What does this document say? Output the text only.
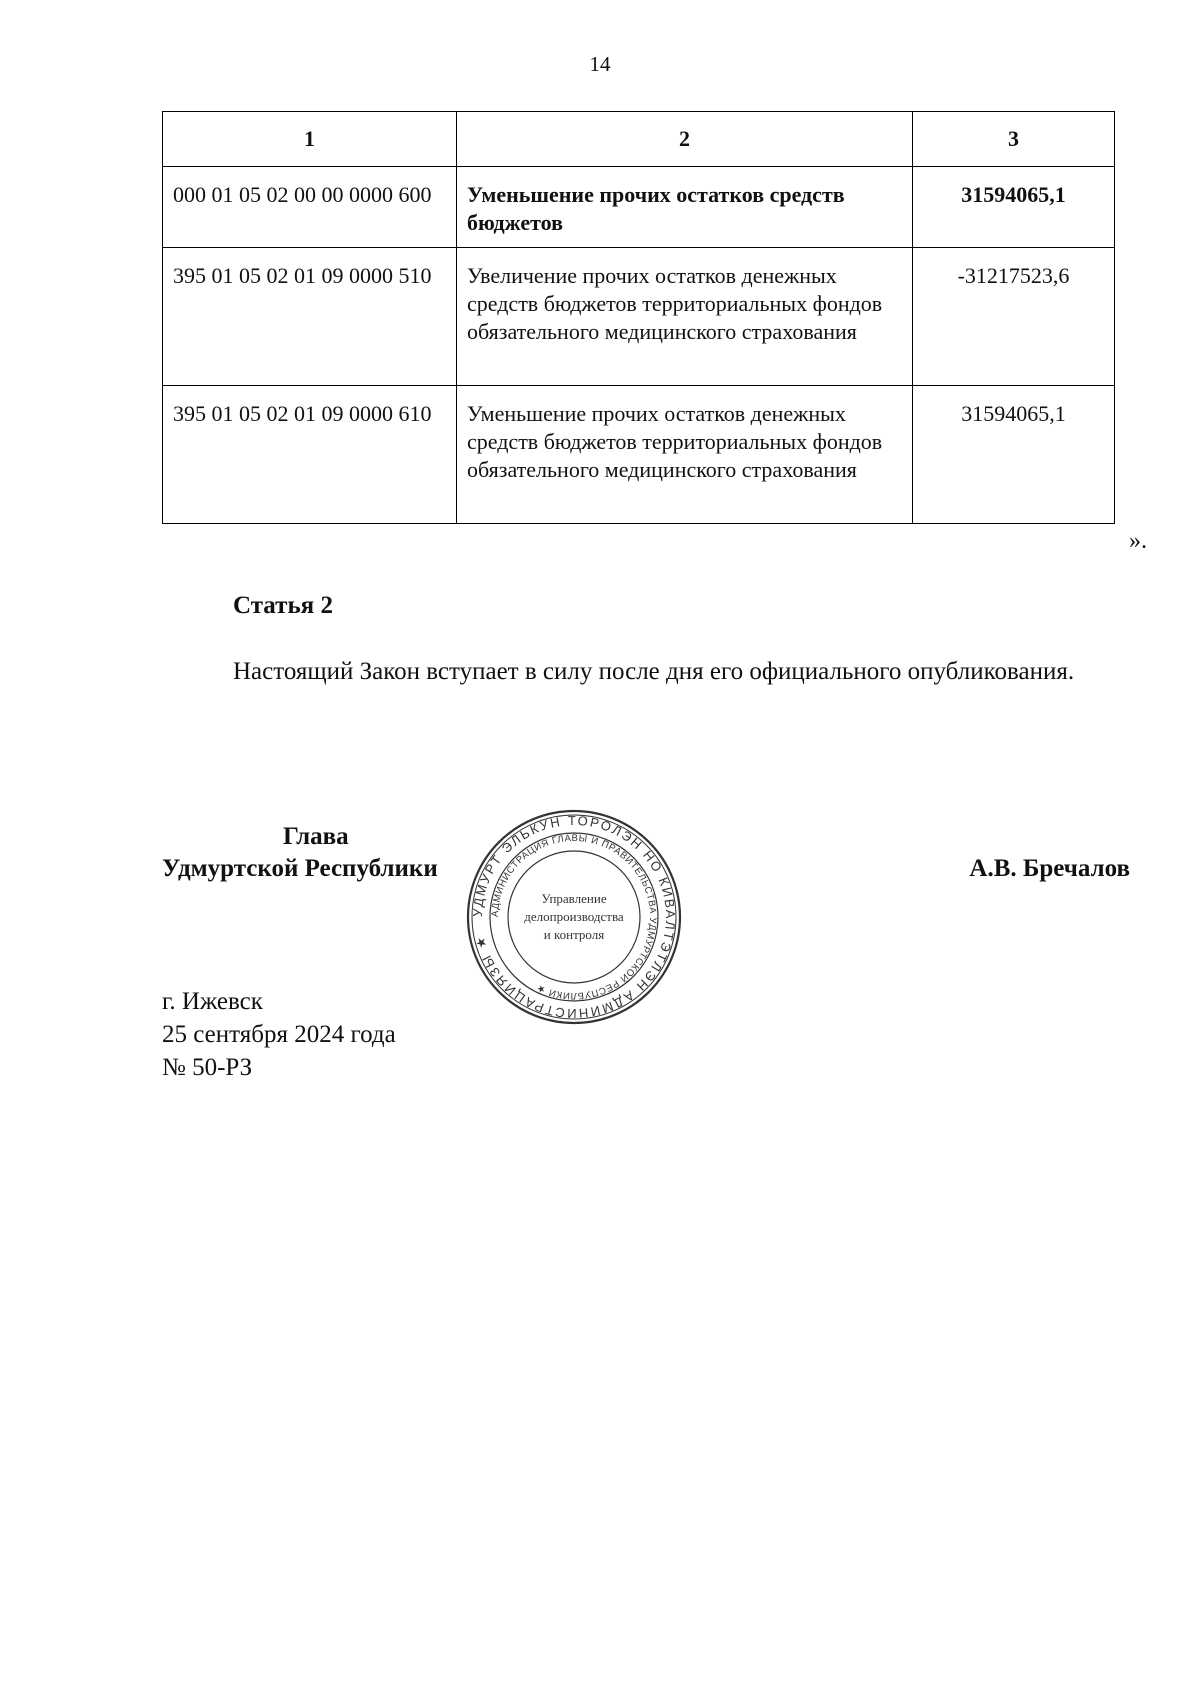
14
1	2	3
000 01 05 02 00 00 0000 600	Уменьшение прочих остатков средств бюджетов	31594065,1
395 01 05 02 01 09 0000 510	Увеличение прочих остатков денежных средств бюджетов территориальных фондов обязательного медицинского страхования	-31217523,6
395 01 05 02 01 09 0000 610	Уменьшение прочих остатков денежных средств бюджетов территориальных фондов обязательного медицинского страхования	31594065,1
».
Статья 2

Настоящий Закон вступает в силу после дня его официального опубликования.

Глава
Удмуртской Республики	А.В. Бречалов
УДМУРТ ЭЛЬКУН ТОРОЛЭН НО КИВАЛТЭТЛЭН АДМИНИСТРАЦИЯЗЫ ★
АДМИНИСТРАЦИЯ ГЛАВЫ И ПРАВИТЕЛЬСТВА УДМУРТСКОЙ РЕСПУБЛИКИ ★
Управление
делопроизводства
и контроля
г. Ижевск
25 сентября 2024 года
№ 50-РЗ
